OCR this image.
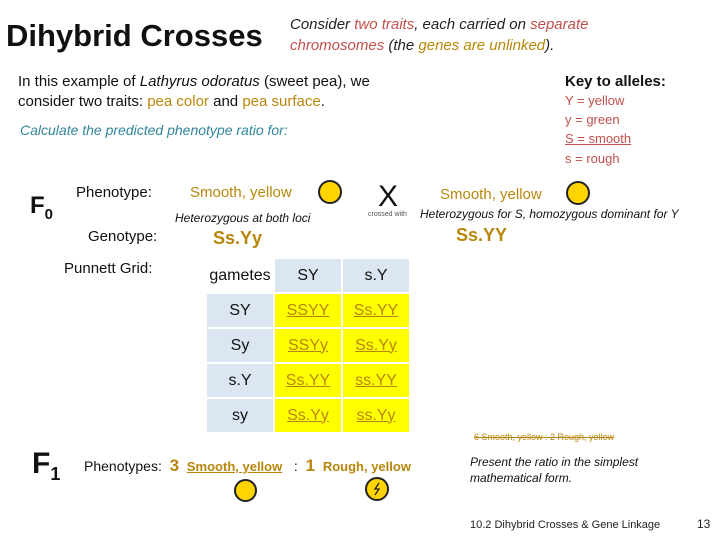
Dihybrid Crosses Consider two traits, each carried on separate chromosomes (the genes are unlinked).
In this example of Lathyrus odoratus (sweet pea), we consider two traits: pea color and pea surface.
Calculate the predicted phenotype ratio for:
Key to alleles:
Y = yellow
y = green
S = smooth
s = rough
$F_0$
Phenotype:
Genotype:
Punnett Grid:
Smooth, yellow
Heterozygous at both loci
Ss.Yy
X
crossed with
Smooth, yellow
Heterozygous for S, homozygous dominant for Y
Ss.YY
gametes	SY	s.Y
SY	SSYY	Ss.YY
Sy	SSYy	Ss.Yy
s.Y	Ss.YY	ss.YY
sy	Ss.Yy	ss.Yy
6 Smooth, yellow : 2 Rough, yellow
$F_1$ Phenotypes: 3 Smooth, yellow : 1 Rough, yellow	Present the ratio in the simplest mathematical form.
10.2 Dihybrid Crosses & Gene Linkage	13
